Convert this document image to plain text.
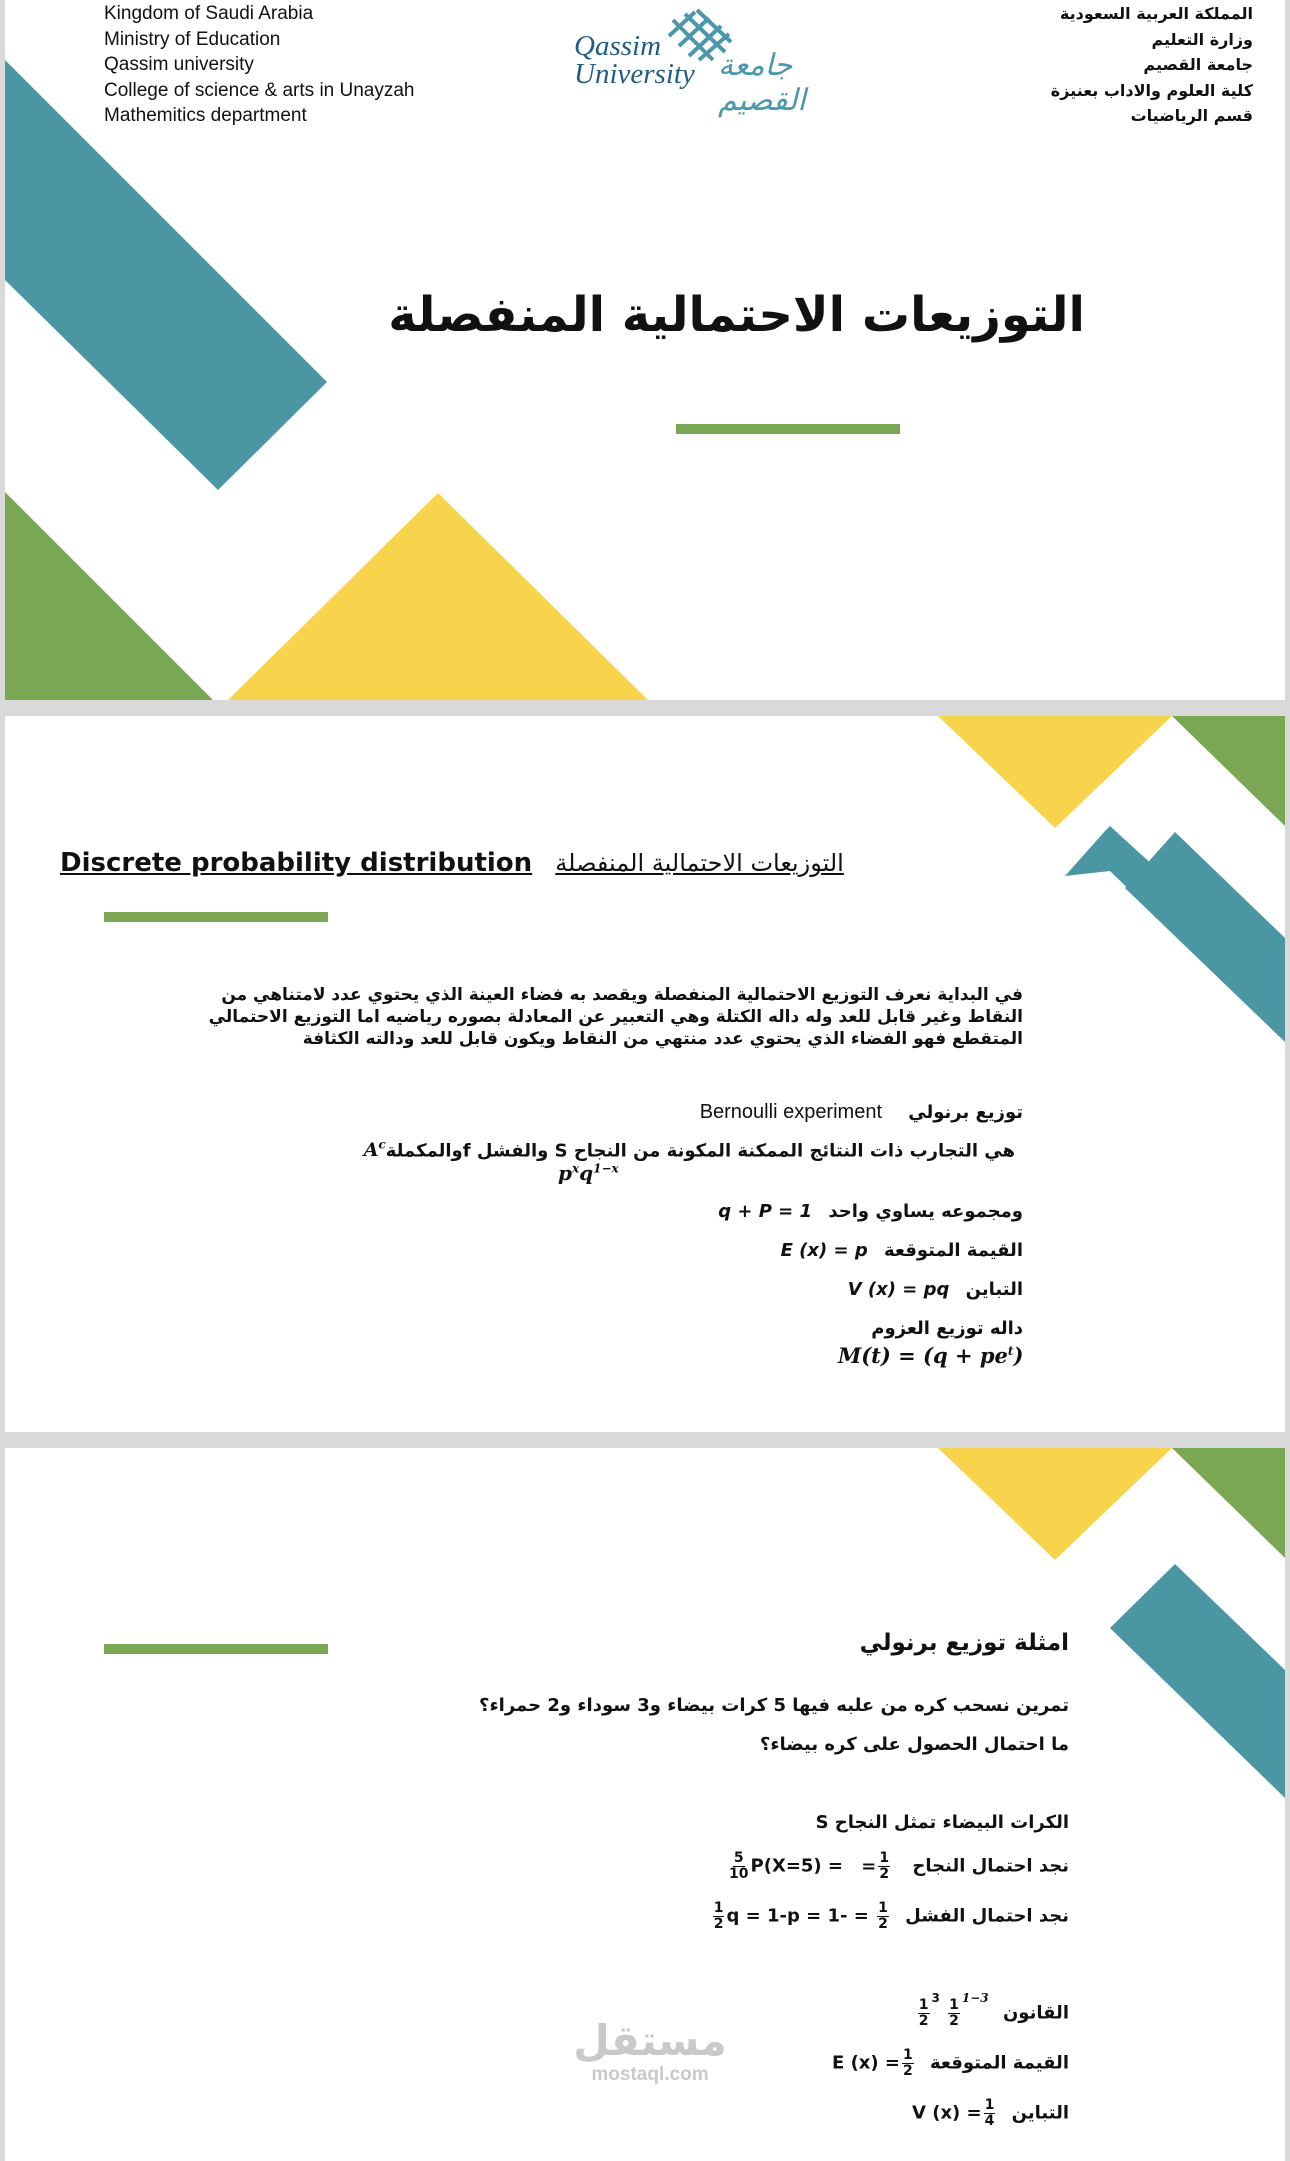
Kingdom of Saudi Arabia
Ministry of Education
Qassim university
College of science & arts in Unayzah
Mathemitics department
Qassim
University جامعة القصيم
المملكة العربية السعودية
وزارة التعليم
جامعة القصيم
كلية العلوم والاداب بعنيزة
قسم الرياضيات
التوزيعات الاحتمالية المنفصلة
Discrete probability distribution التوزيعات الاحتمالية المنفصلة
في البداية نعرف التوزيع الاحتمالية المنفصلة ويقصد به فضاء العينة الذي يحتوي عدد لامتناهي من النقاط وغير قابل للعد وله داله الكتلة وهي التعبير عن المعادلة بصوره رياضيه اما التوزيع الاحتمالي المتقطع فهو الفضاء الذي يحتوي عدد منتهي من النقاط ويكون قابل للعد ودالته الكثافة
توزيع برنولي Bernoulli experiment
هي التجارب ذات النتائج الممكنة المكونة من النجاح S والفشل fوالمكملةA$^c$
$p^xq^{1-x}$
ومجموعه يساوي واحد q + P = 1
القيمة المتوقعة E (x) = p
التباين V (x) = pq
داله توزيع العزوم
$M(t) = (q + pe^t)$
امثلة توزيع برنولي
تمرين نسحب كره من علبه فيها 5 كرات بيضاء و3 سوداء و2 حمراء؟
ما احتمال الحصول على كره بيضاء؟
الكرات البيضاء تمثل النجاح S
نجد احتمال النجاح
$\frac{5}{10} P(X=5)$ = = $\frac{1}{2}$
نجد احتمال الفشل
$\frac{1}{2}$ $q = 1-p = 1- = \frac{1}{2}$
القانون
$\frac{1}{2}$
$^3$
$\frac{1}{2}$
$^{1-3}$
القيمة المتوقعة E $(x) = \frac{1}{2}$
التباين V $(x) = \frac{1}{4}$
مستقل
mostaql.com
